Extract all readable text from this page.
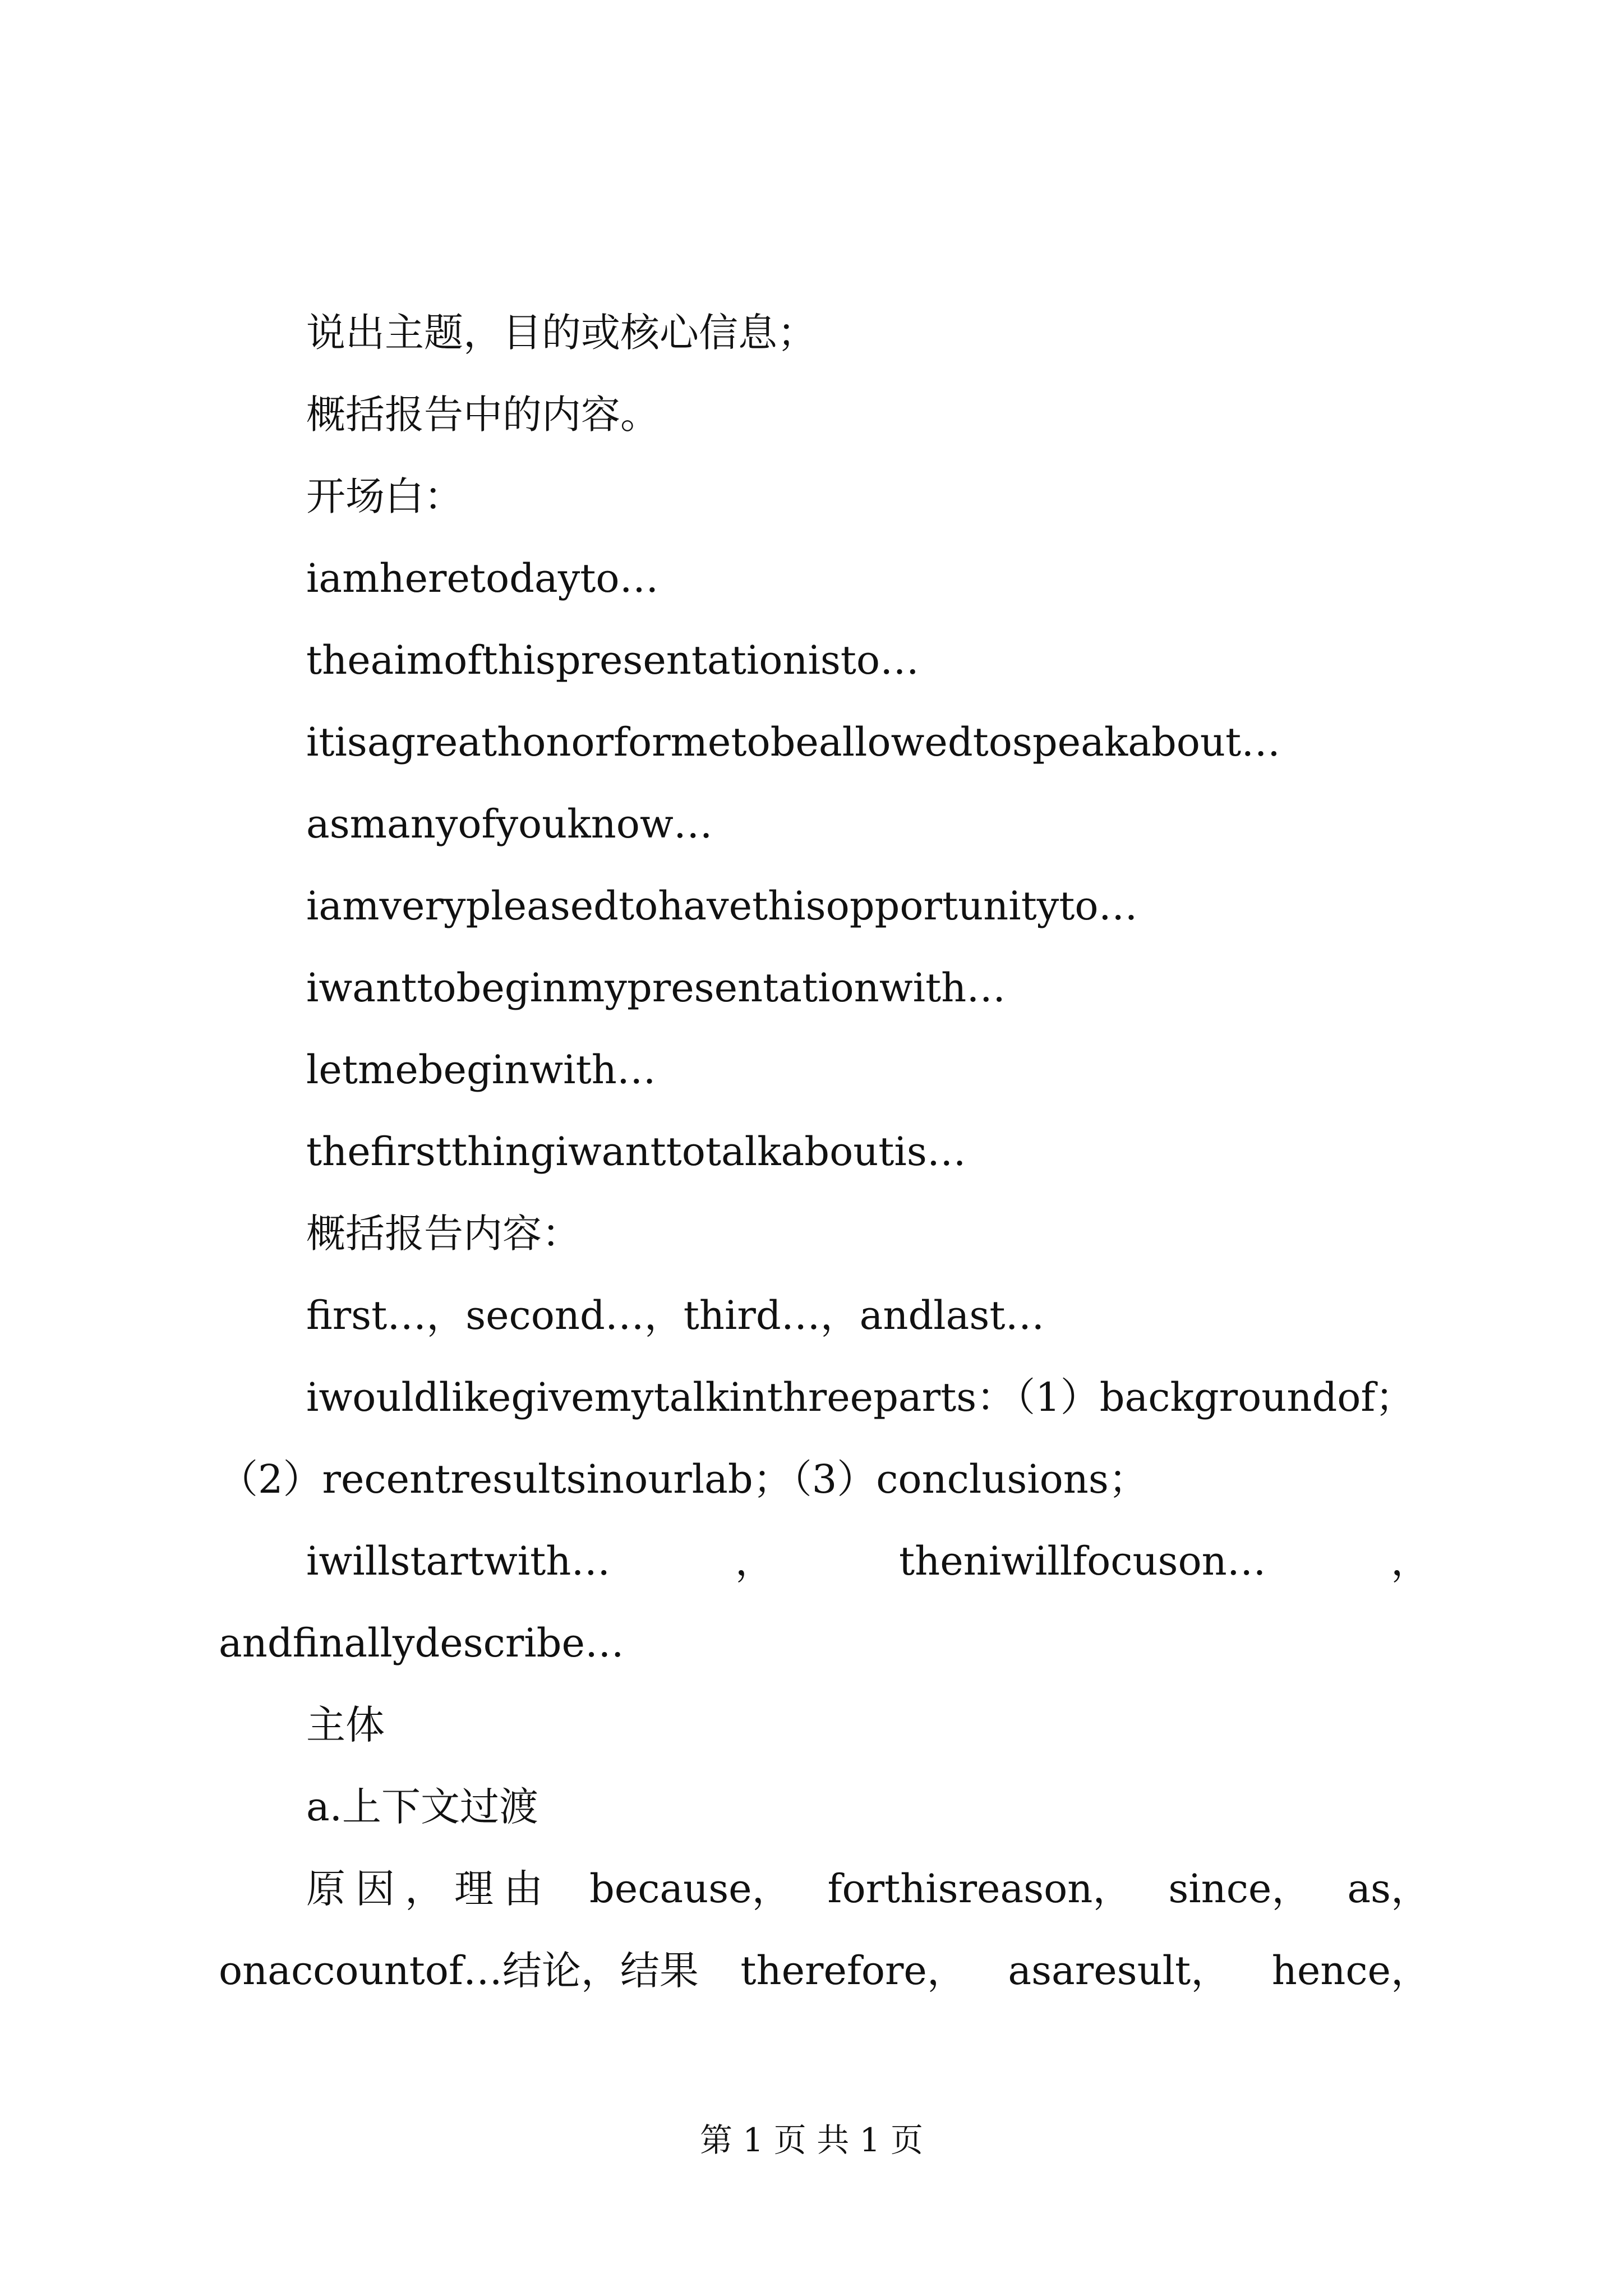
说出主题，目的或核心信息；
概括报告中的内容。
开场白：
iamheretodayto…
theaimofthispresentationisto…
itisagreathonorformetobeallowedtospeakabout…
asmanyofyouknow…
iamverypleasedtohavethisopportunityto…
iwanttobeginmypresentationwith…
letmebeginwith…
thefirstthingiwanttotalkaboutis…
概括报告内容：
first…，second…，third…，andlast…
iwouldlikegivemytalkinthreeparts：（1）backgroundof；
（2）recentresultsinourlab；（3）conclusions；
iwillstartwith…	，	theniwillfocuson…	，
andfinallydescribe…
主体
a.上下文过渡
原因，理由 because， forthisreason， since， as，
onaccountof…结论，结果 therefore， asaresult， hence，
第 1 页 共 1 页
